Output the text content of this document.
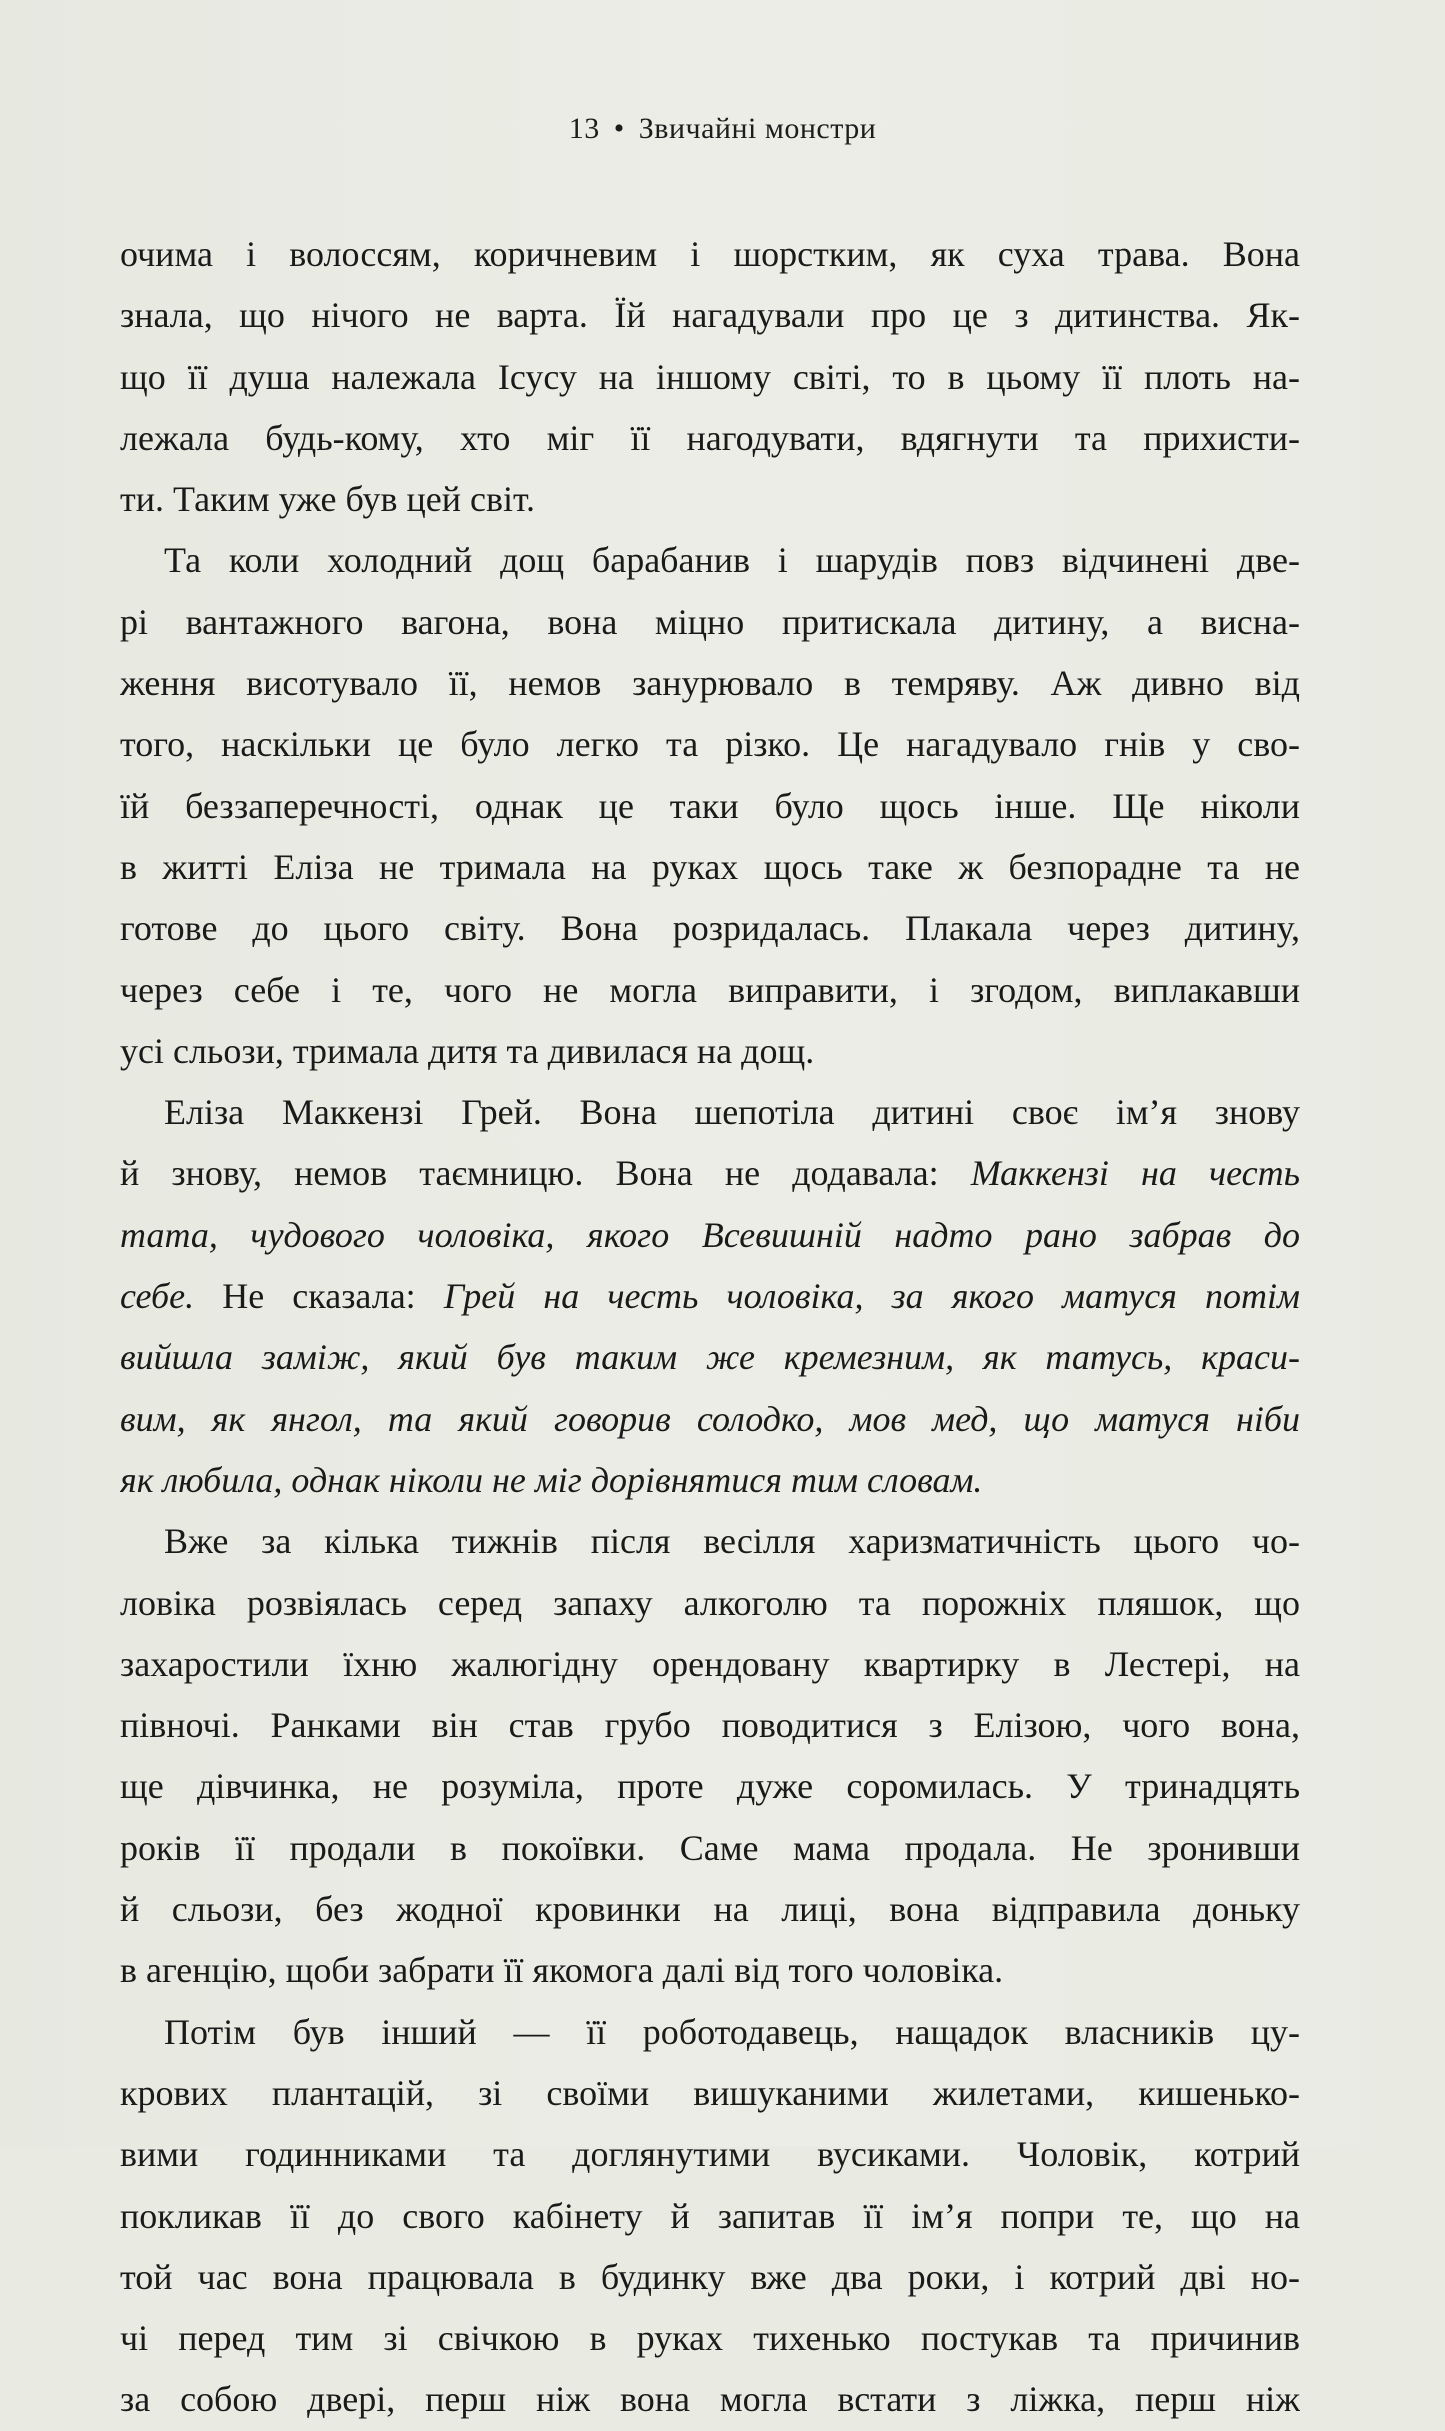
13 • Звичайні монстри
очима і волоссям, коричневим і шорстким, як суха трава. Вона
знала, що нічого не варта. Їй нагадували про це з дитинства. Як-
що її душа належала Ісусу на іншому світі, то в цьому її плоть на-
лежала будь-кому, хто міг її нагодувати, вдягнути та прихисти-
ти. Таким уже був цей світ.
Та коли холодний дощ барабанив і шарудів повз відчинені две-
рі вантажного вагона, вона міцно притискала дитину, а висна-
ження висотувало її, немов занурювало в темряву. Аж дивно від
того, наскільки це було легко та різко. Це нагадувало гнів у сво-
їй беззаперечності, однак це таки було щось інше. Ще ніколи
в житті Еліза не тримала на руках щось таке ж безпорадне та не
готове до цього світу. Вона розридалась. Плакала через дитину,
через себе і те, чого не могла виправити, і згодом, виплакавши
усі сльози, тримала дитя та дивилася на дощ.
Еліза Маккензі Грей. Вона шепотіла дитині своє ім’я знову
й знову, немов таємницю. Вона не додавала: Маккензі на честь
тата, чудового чоловіка, якого Всевишній надто рано забрав до
себе. Не сказала: Грей на честь чоловіка, за якого матуся потім
вийшла заміж, який був таким же кремезним, як татусь, краси-
вим, як янгол, та який говорив солодко, мов мед, що матуся ніби
як любила, однак ніколи не міг дорівнятися тим словам.
Вже за кілька тижнів після весілля харизматичність цього чо-
ловіка розвіялась серед запаху алкоголю та порожніх пляшок, що
захаростили їхню жалюгідну орендовану квартирку в Лестері, на
півночі. Ранками він став грубо поводитися з Елізою, чого вона,
ще дівчинка, не розуміла, проте дуже соромилась. У тринадцять
років її продали в покоївки. Саме мама продала. Не зронивши
й сльози, без жодної кровинки на лиці, вона відправила доньку
в агенцію, щоби забрати її якомога далі від того чоловіка.
Потім був інший — її роботодавець, нащадок власників цу-
крових плантацій, зі своїми вишуканими жилетами, кишенько-
вими годинниками та доглянутими вусиками. Чоловік, котрий
покликав її до свого кабінету й запитав її ім’я попри те, що на
той час вона працювала в будинку вже два роки, і котрий дві но-
чі перед тим зі свічкою в руках тихенько постукав та причинив
за собою двері, перш ніж вона могла встати з ліжка, перш ніж
